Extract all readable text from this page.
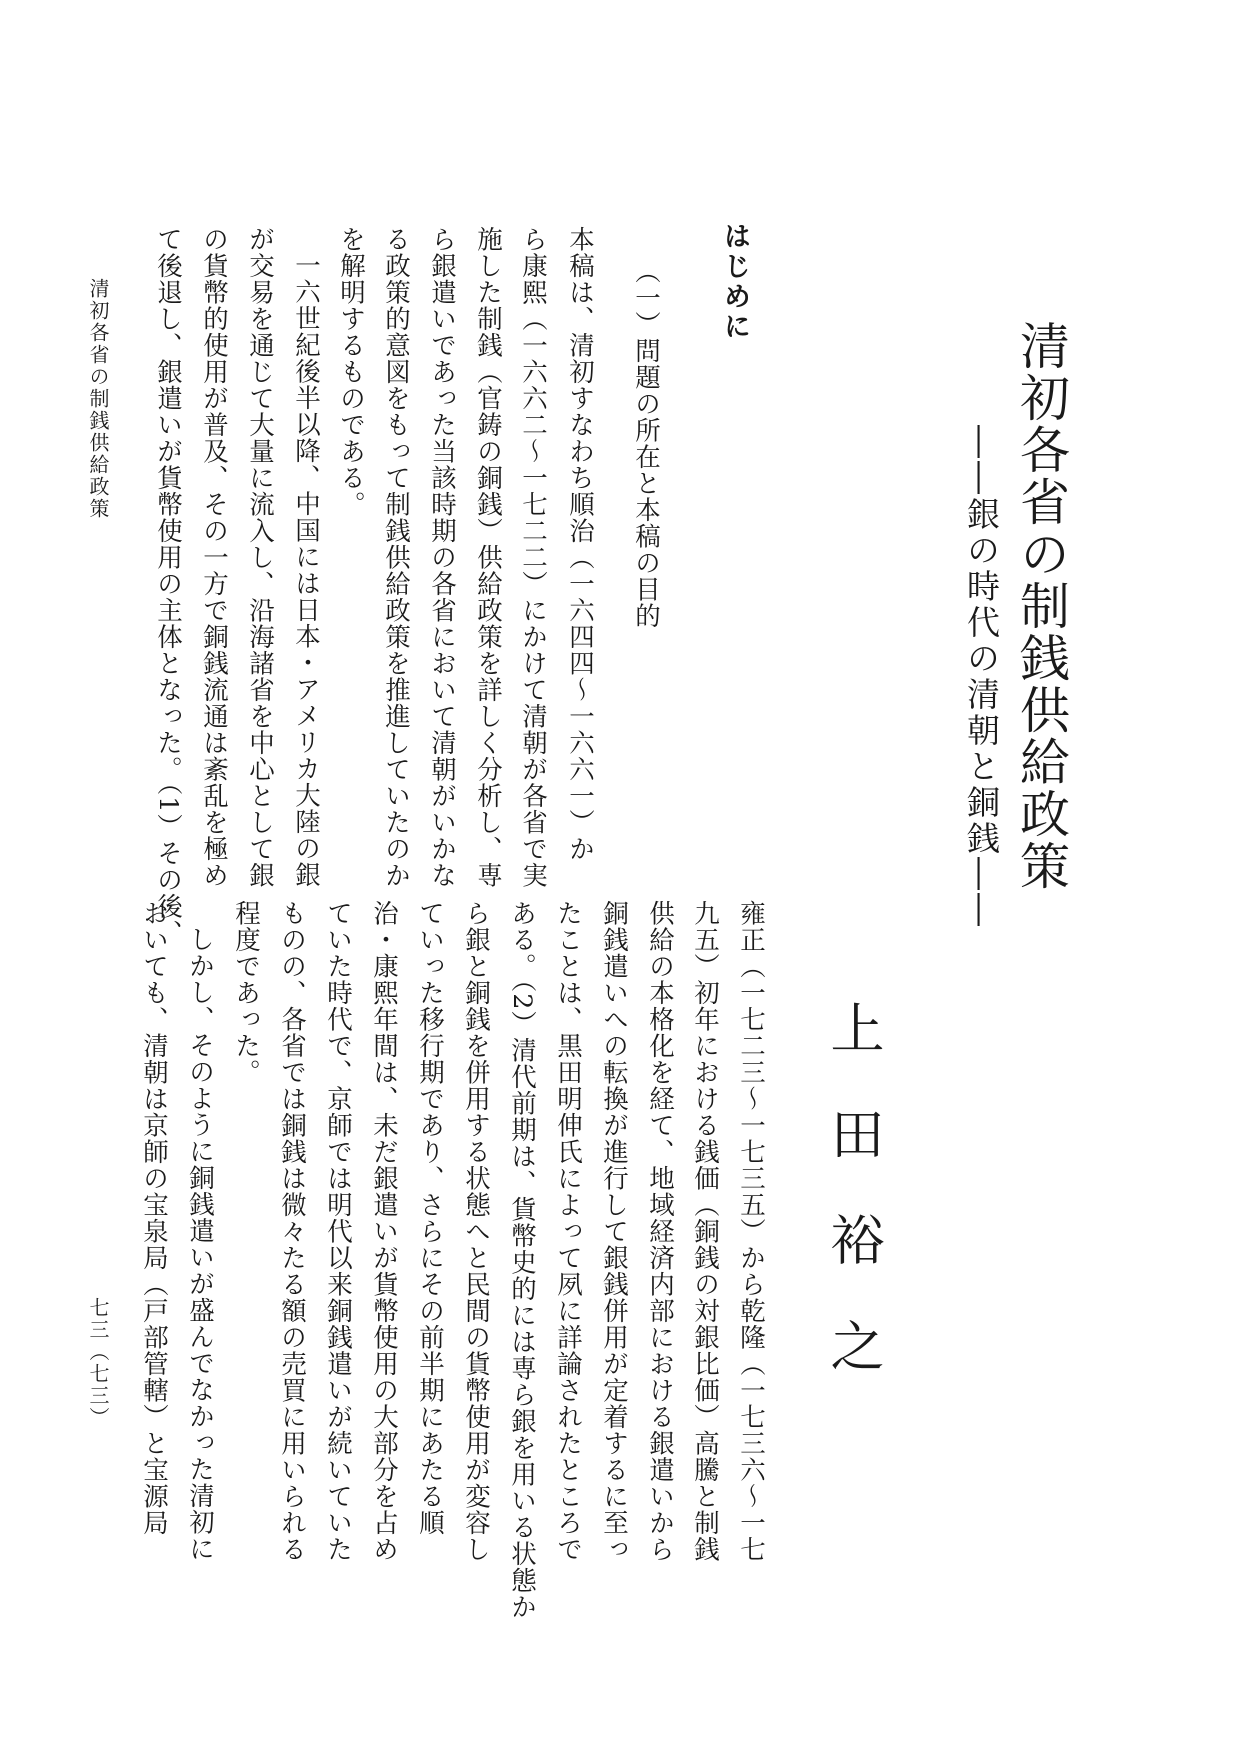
清初各省の制銭供給政策
――銀の時代の清朝と銅銭――
はじめに
（一）問題の所在と本稿の目的
本稿は、清初すなわち順治（一六四四～一六六一）か
ら康熙（一六六二～一七二二）にかけて清朝が各省で実
施した制銭（官鋳の銅銭）供給政策を詳しく分析し、専
ら銀遣いであった当該時期の各省において清朝がいかな
る政策的意図をもって制銭供給政策を推進していたのか
を解明するものである。
一六世紀後半以降、中国には日本・アメリカ大陸の銀
が交易を通じて大量に流入し、沿海諸省を中心として銀
の貨幣的使用が普及、その一方で銅銭流通は紊乱を極め
て後退し、銀遣いが貨幣使用の主体となった。（1）その後、
上田裕之
雍正（一七二三～一七三五）から乾隆（一七三六～一七
九五）初年における銭価（銅銭の対銀比価）高騰と制銭
供給の本格化を経て、地域経済内部における銀遣いから
銅銭遣いへの転換が進行して銀銭併用が定着するに至っ
たことは、黒田明伸氏によって夙に詳論されたところで
ある。（2）清代前期は、貨幣史的には専ら銀を用いる状態か
ら銀と銅銭を併用する状態へと民間の貨幣使用が変容し
ていった移行期であり、さらにその前半期にあたる順
治・康熙年間は、未だ銀遣いが貨幣使用の大部分を占め
ていた時代で、京師では明代以来銅銭遣いが続いていた
ものの、各省では銅銭は微々たる額の売買に用いられる
程度であった。
しかし、そのように銅銭遣いが盛んでなかった清初に
おいても、清朝は京師の宝泉局（戸部管轄）と宝源局
清初各省の制銭供給政策
七三（七三）
